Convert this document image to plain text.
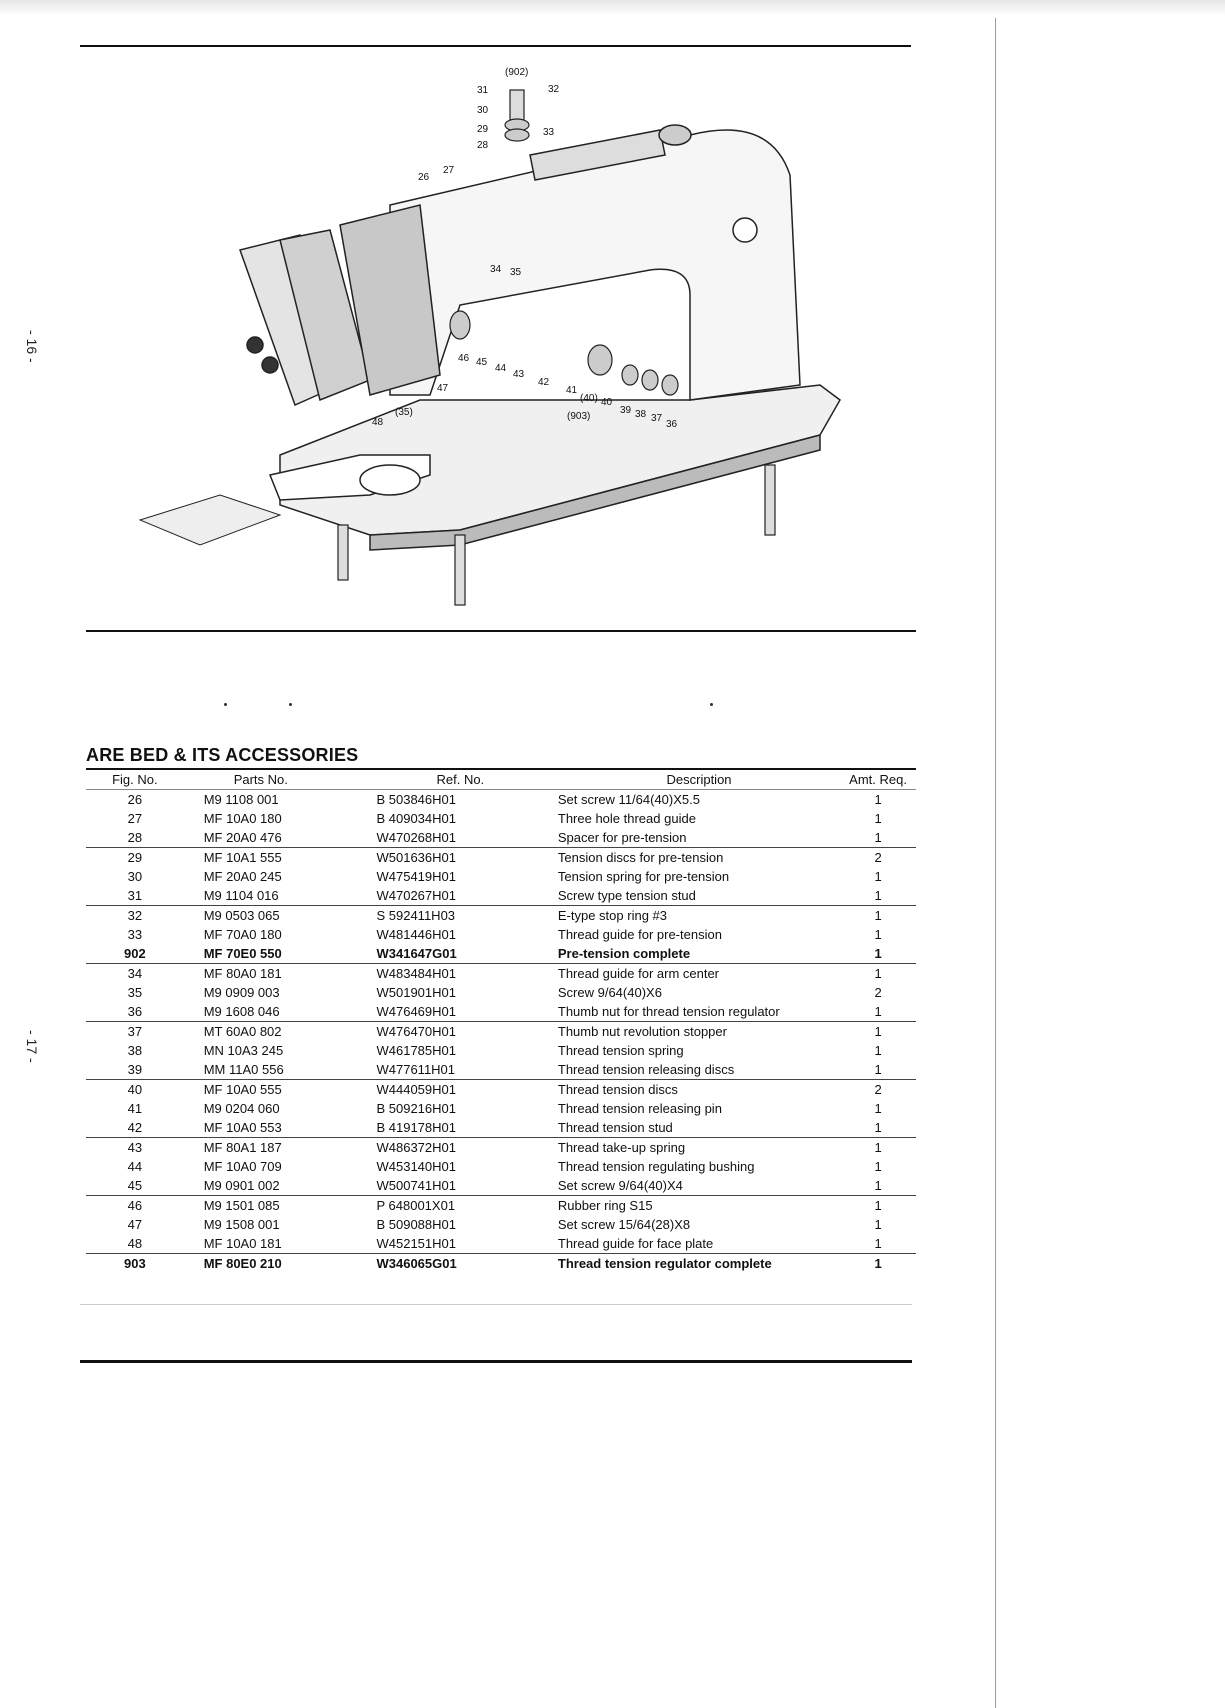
- 16 -
- 17 -
(902)
31	32
30
29
28
33
26
27
34 35
46 45
44
43
42
41
(40) 40
(903)
39 38 37
36
47
48
(35)
ARE BED & ITS ACCESSORIES
Fig. No.	Parts No.	Ref. No.	Description	Amt. Req.
26	M9 1108 001	B 503846H01	Set screw 11/64(40)X5.5	1
27	MF 10A0 180	B 409034H01	Three hole thread guide	1
28	MF 20A0 476	W470268H01	Spacer for pre-tension	1
29	MF 10A1 555	W501636H01	Tension discs for pre-tension	2
30	MF 20A0 245	W475419H01	Tension spring for pre-tension	1
31	M9 1104 016	W470267H01	Screw type tension stud	1
32	M9 0503 065	S 592411H03	E-type stop ring #3	1
33	MF 70A0 180	W481446H01	Thread guide for pre-tension	1
902	MF 70E0 550	W341647G01	Pre-tension complete	1
34	MF 80A0 181	W483484H01	Thread guide for arm center	1
35	M9 0909 003	W501901H01	Screw 9/64(40)X6	2
36	M9 1608 046	W476469H01	Thumb nut for thread tension regulator	1
37	MT 60A0 802	W476470H01	Thumb nut revolution stopper	1
38	MN 10A3 245	W461785H01	Thread tension spring	1
39	MM 11A0 556	W477611H01	Thread tension releasing discs	1
40	MF 10A0 555	W444059H01	Thread tension discs	2
41	M9 0204 060	B 509216H01	Thread tension releasing pin	1
42	MF 10A0 553	B 419178H01	Thread tension stud	1
43	MF 80A1 187	W486372H01	Thread take-up spring	1
44	MF 10A0 709	W453140H01	Thread tension regulating bushing	1
45	M9 0901 002	W500741H01	Set screw 9/64(40)X4	1
46	M9 1501 085	P 648001X01	Rubber ring S15	1
47	M9 1508 001	B 509088H01	Set screw 15/64(28)X8	1
48	MF 10A0 181	W452151H01	Thread guide for face plate	1
903	MF 80E0 210	W346065G01	Thread tension regulator complete	1
